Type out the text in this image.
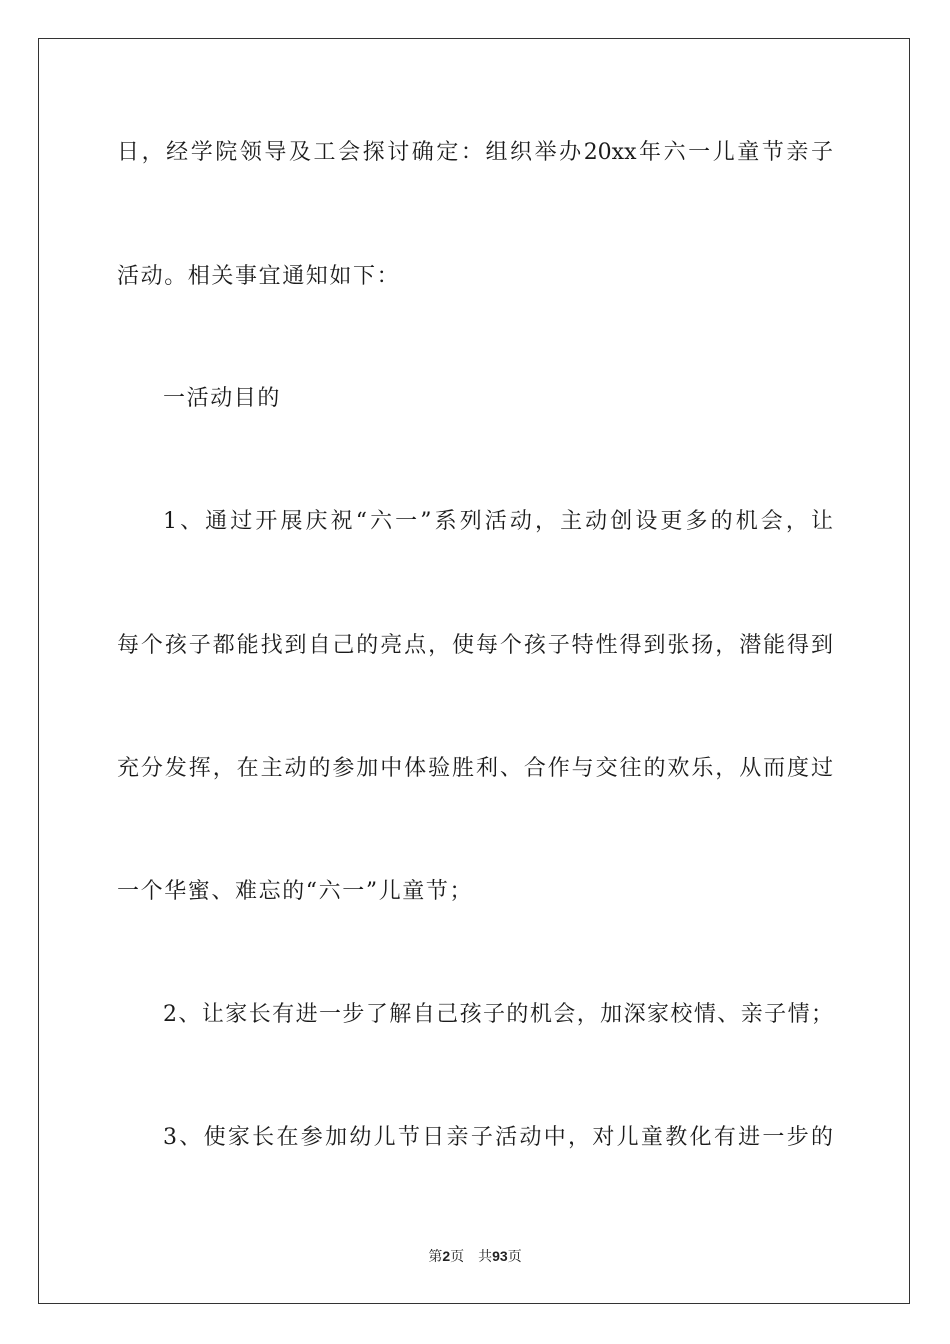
日，经学院领导及工会探讨确定：组织举办20xx年六一儿童节亲子
活动。相关事宜通知如下：
一活动目的
1、通过开展庆祝“六一”系列活动，主动创设更多的机会，让
每个孩子都能找到自己的亮点，使每个孩子特性得到张扬，潜能得到
充分发挥，在主动的参加中体验胜利、合作与交往的欢乐，从而度过
一个华蜜、难忘的“六一”儿童节；
2、让家长有进一步了解自己孩子的机会，加深家校情、亲子情；
3、使家长在参加幼儿节日亲子活动中，对儿童教化有进一步的
第2页 共93页
